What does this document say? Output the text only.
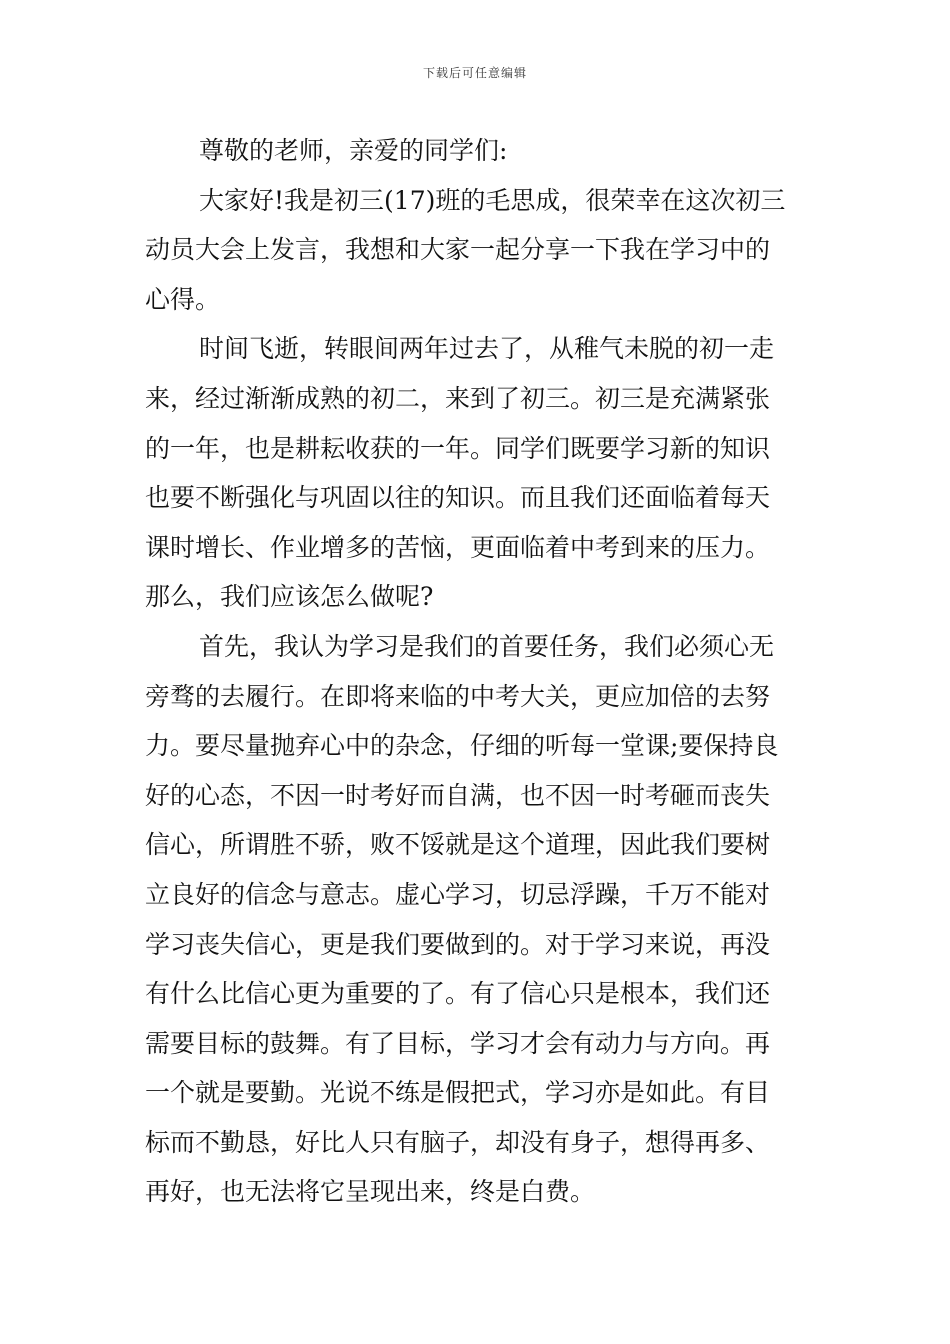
下载后可任意编辑
尊敬的老师，亲爱的同学们:
大家好!我是初三(17)班的毛思成，很荣幸在这次初三
动员大会上发言，我想和大家一起分享一下我在学习中的
心得。
时间飞逝，转眼间两年过去了，从稚气未脱的初一走
来，经过渐渐成熟的初二，来到了初三。初三是充满紧张
的一年，也是耕耘收获的一年。同学们既要学习新的知识
也要不断强化与巩固以往的知识。而且我们还面临着每天
课时增长、作业增多的苦恼，更面临着中考到来的压力。
那么，我们应该怎么做呢?
首先，我认为学习是我们的首要任务，我们必须心无
旁骛的去履行。在即将来临的中考大关，更应加倍的去努
力。要尽量抛弃心中的杂念，仔细的听每一堂课;要保持良
好的心态，不因一时考好而自满，也不因一时考砸而丧失
信心，所谓胜不骄，败不馁就是这个道理，因此我们要树
立良好的信念与意志。虚心学习，切忌浮躁，千万不能对
学习丧失信心，更是我们要做到的。对于学习来说，再没
有什么比信心更为重要的了。有了信心只是根本，我们还
需要目标的鼓舞。有了目标，学习才会有动力与方向。再
一个就是要勤。光说不练是假把式，学习亦是如此。有目
标而不勤恳，好比人只有脑子，却没有身子，想得再多、
再好，也无法将它呈现出来，终是白费。
